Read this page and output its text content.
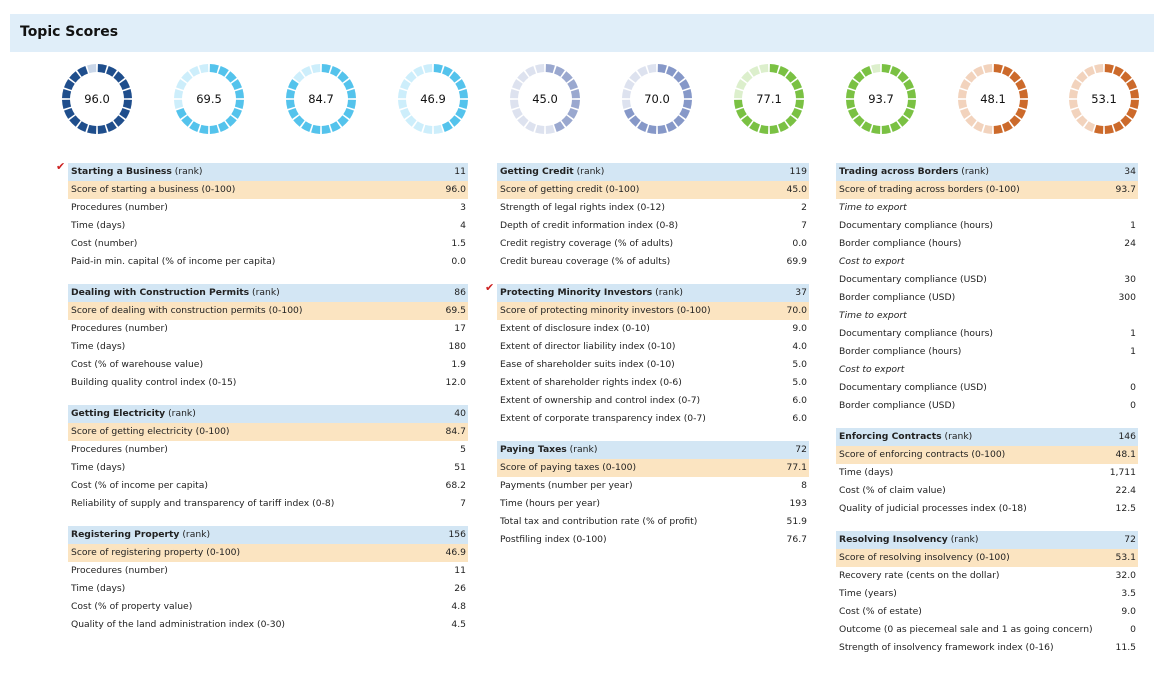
Topic Scores
96.0	69.5	84.7	46.9	45.0	70.0	77.1	93.7	48.1	53.1
✔ Starting a Business (rank)	11
Score of starting a business (0-100)	96.0
Procedures (number)	3
Time (days)	4
Cost (number)	1.5
Paid-in min. capital (% of income per capita)	0.0
Dealing with Construction Permits (rank)	86
Score of dealing with construction permits (0-100)	69.5
Procedures (number)	17
Time (days)	180
Cost (% of warehouse value)	1.9
Building quality control index (0-15)	12.0
Getting Electricity (rank)	40
Score of getting electricity (0-100)	84.7
Procedures (number)	5
Time (days)	51
Cost (% of income per capita)	68.2
Reliability of supply and transparency of tariff index (0-8)	7
Registering Property (rank)	156
Score of registering property (0-100)	46.9
Procedures (number)	11
Time (days)	26
Cost (% of property value)	4.8
Quality of the land administration index (0-30)	4.5
Getting Credit (rank)	119
Score of getting credit (0-100)	45.0
Strength of legal rights index (0-12)	2
Depth of credit information index (0-8)	7
Credit registry coverage (% of adults)	0.0
Credit bureau coverage (% of adults)	69.9
✔ Protecting Minority Investors (rank)	37
Score of protecting minority investors (0-100)	70.0
Extent of disclosure index (0-10)	9.0
Extent of director liability index (0-10)	4.0
Ease of shareholder suits index (0-10)	5.0
Extent of shareholder rights index (0-6)	5.0
Extent of ownership and control index (0-7)	6.0
Extent of corporate transparency index (0-7)	6.0
Paying Taxes (rank)	72
Score of paying taxes (0-100)	77.1
Payments (number per year)	8
Time (hours per year)	193
Total tax and contribution rate (% of profit)	51.9
Postfiling index (0-100)	76.7
Trading across Borders (rank)	34
Score of trading across borders (0-100)	93.7
Time to export
Documentary compliance (hours)	1
Border compliance (hours)	24
Cost to export
Documentary compliance (USD)	30
Border compliance (USD)	300
Time to export
Documentary compliance (hours)	1
Border compliance (hours)	1
Cost to export
Documentary compliance (USD)	0
Border compliance (USD)	0
Enforcing Contracts (rank)	146
Score of enforcing contracts (0-100)	48.1
Time (days)	1,711
Cost (% of claim value)	22.4
Quality of judicial processes index (0-18)	12.5
Resolving Insolvency (rank)	72
Score of resolving insolvency (0-100)	53.1
Recovery rate (cents on the dollar)	32.0
Time (years)	3.5
Cost (% of estate)	9.0
Outcome (0 as piecemeal sale and 1 as going concern)	0
Strength of insolvency framework index (0-16)	11.5
